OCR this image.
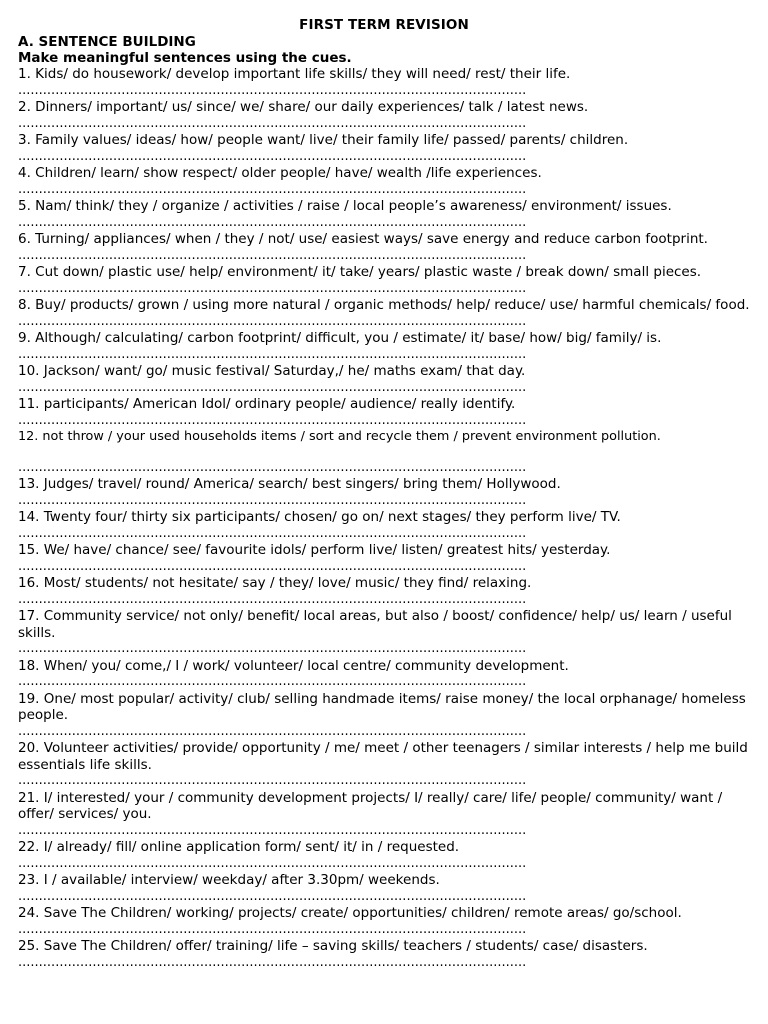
FIRST TERM REVISION
A. SENTENCE BUILDING
Make meaningful sentences using the cues.
1. Kids/ do housework/ develop important life skills/ they will need/ rest/ their life.
...........................................................................................................................
2. Dinners/ important/ us/ since/ we/ share/ our daily experiences/ talk / latest news.
...........................................................................................................................
3. Family values/ ideas/ how/ people want/ live/ their family life/ passed/ parents/ children.
...........................................................................................................................
4. Children/ learn/ show respect/ older people/ have/ wealth /life experiences.
...........................................................................................................................
5. Nam/ think/ they / organize / activities / raise / local people’s awareness/ environment/ issues.
...........................................................................................................................
6. Turning/ appliances/ when / they / not/ use/ easiest ways/ save energy and reduce carbon footprint.
...........................................................................................................................
7. Cut down/ plastic use/ help/ environment/ it/ take/ years/ plastic waste / break down/ small pieces.
...........................................................................................................................
8. Buy/ products/ grown / using more natural / organic methods/ help/ reduce/ use/ harmful chemicals/ food.
...........................................................................................................................
9. Although/ calculating/ carbon footprint/ difficult, you / estimate/ it/ base/ how/ big/ family/ is.
...........................................................................................................................
10. Jackson/ want/ go/ music festival/ Saturday,/ he/ maths exam/ that day.
...........................................................................................................................
11. participants/ American Idol/ ordinary people/ audience/ really identify.
...........................................................................................................................
12. not throw / your used households items / sort and recycle them / prevent environment pollution.
...........................................................................................................................
13. Judges/ travel/ round/ America/ search/ best singers/ bring them/ Hollywood.
...........................................................................................................................
14. Twenty four/ thirty six participants/ chosen/ go on/ next stages/ they perform live/ TV.
...........................................................................................................................
15. We/ have/ chance/ see/ favourite idols/ perform live/ listen/ greatest hits/ yesterday.
...........................................................................................................................
16. Most/ students/ not hesitate/ say / they/ love/ music/ they find/ relaxing.
...........................................................................................................................
17. Community service/ not only/ benefit/ local areas, but also / boost/ confidence/ help/ us/ learn / useful skills.
...........................................................................................................................
18. When/ you/ come,/ I / work/ volunteer/ local centre/ community development.
...........................................................................................................................
19. One/ most popular/ activity/ club/ selling handmade items/ raise money/ the local orphanage/ homeless people.
...........................................................................................................................
20. Volunteer activities/ provide/ opportunity / me/ meet / other teenagers / similar interests / help me build essentials life skills.
...........................................................................................................................
21. I/ interested/ your / community development projects/ I/ really/ care/ life/ people/ community/ want / offer/ services/ you.
...........................................................................................................................
22. I/ already/ fill/ online application form/ sent/ it/ in / requested.
...........................................................................................................................
23. I / available/ interview/ weekday/ after 3.30pm/ weekends.
...........................................................................................................................
24. Save The Children/ working/ projects/ create/ opportunities/ children/ remote areas/ go/school.
...........................................................................................................................
25. Save The Children/ offer/ training/ life – saving skills/ teachers / students/ case/ disasters.
...........................................................................................................................
